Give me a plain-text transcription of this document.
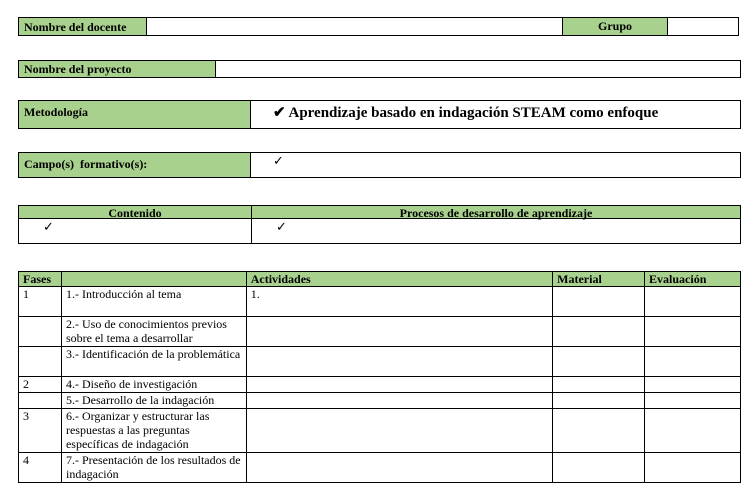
Nombre del docente	Grupo
Nombre del proyecto
Metodología	✔ Aprendizaje basado en indagación STEAM como enfoque
Campo(s)  formativo(s):	✓
Contenido	Procesos de desarrollo de aprendizaje
✓	✓
Fases		Actividades	Material	Evaluación
1	1.- Introducción al tema	1.		
	2.- Uso de conocimientos previos sobre el tema a desarrollar			
	3.- Identificación de la problemática			
2	4.- Diseño de investigación			
	5.- Desarrollo de la indagación			
3	6.- Organizar y estructurar las respuestas a las preguntas específicas de indagación			
4	7.- Presentación de los resultados de indagación			
